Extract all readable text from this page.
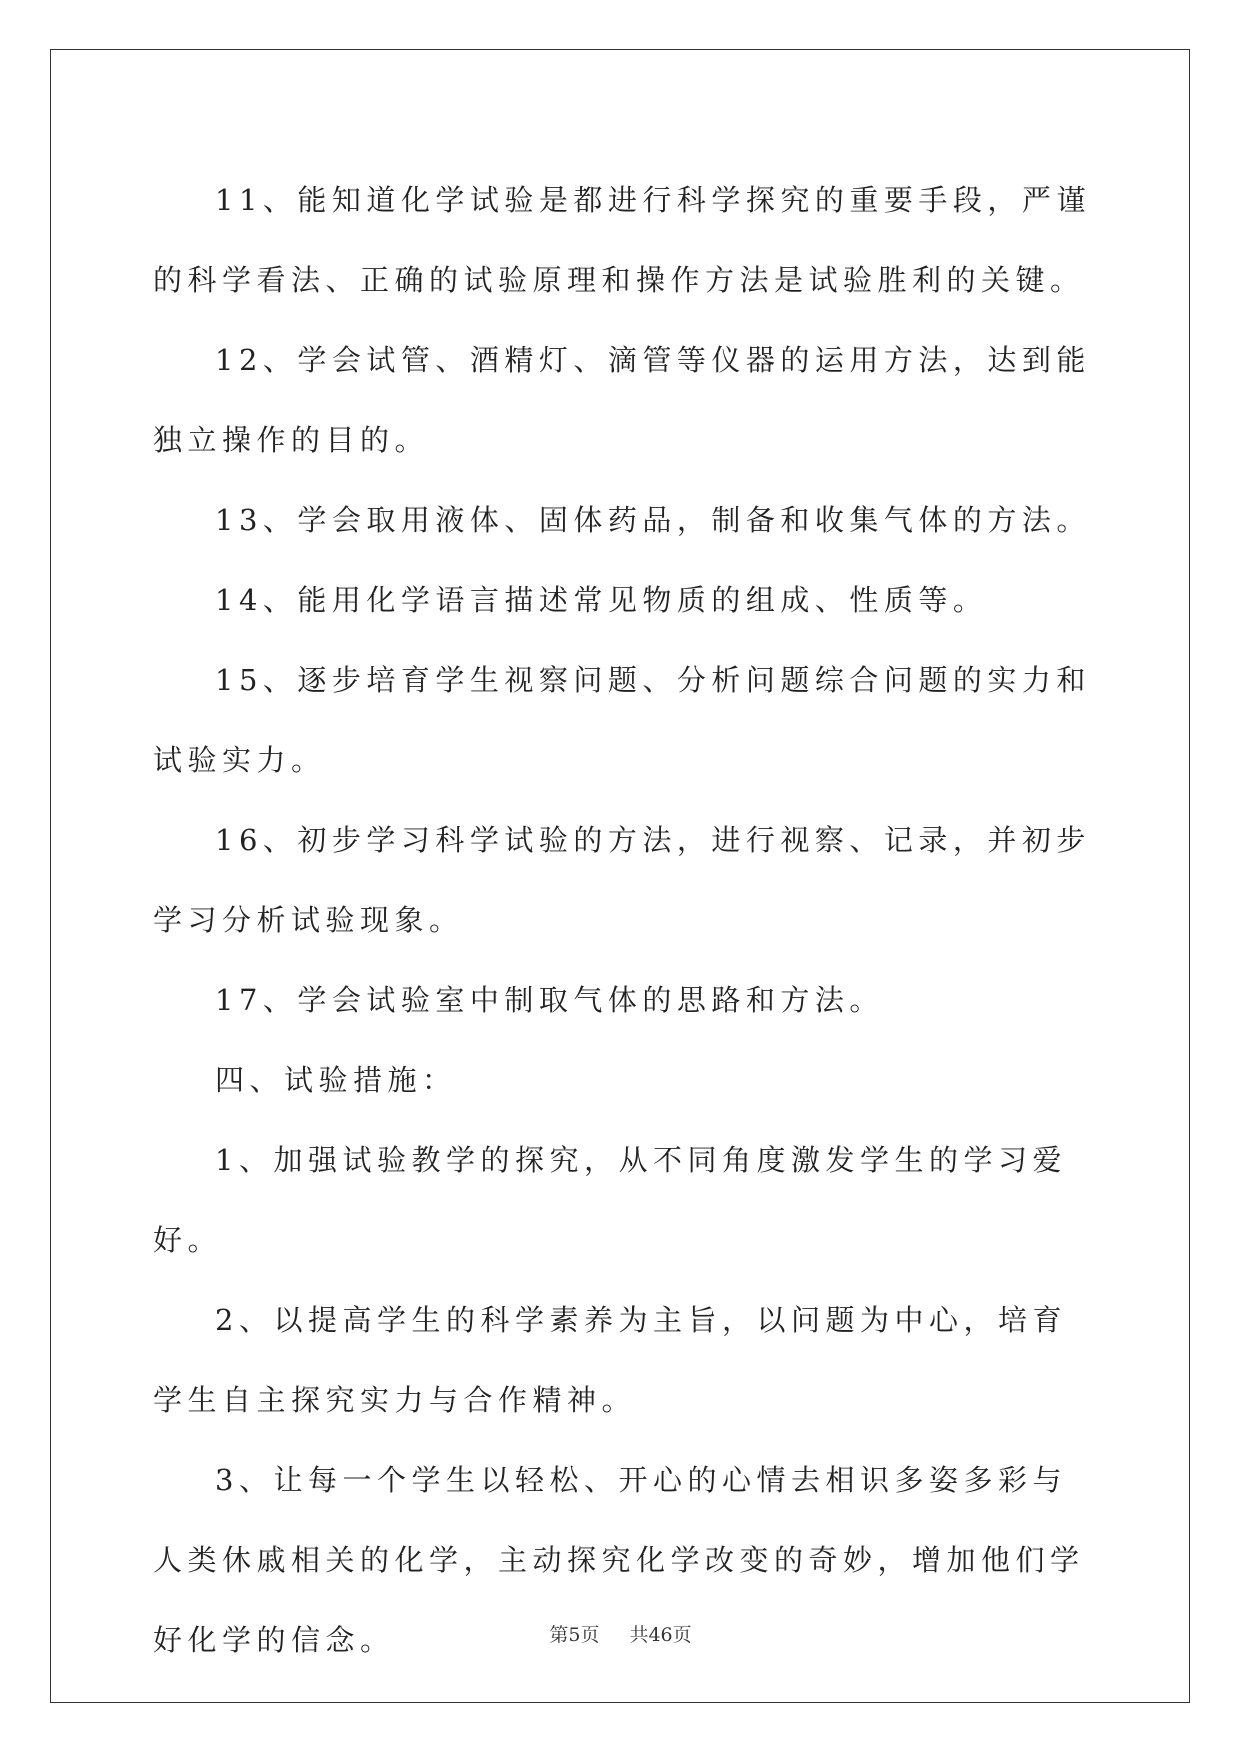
11、能知道化学试验是都进行科学探究的重要手段，严谨的科学看法、正确的试验原理和操作方法是试验胜利的关键。

12、学会试管、酒精灯、滴管等仪器的运用方法，达到能独立操作的目的。

13、学会取用液体、固体药品，制备和收集气体的方法。

14、能用化学语言描述常见物质的组成、性质等。

15、逐步培育学生视察问题、分析问题综合问题的实力和试验实力。

16、初步学习科学试验的方法，进行视察、记录，并初步学习分析试验现象。

17、学会试验室中制取气体的思路和方法。

四、试验措施：

1、加强试验教学的探究，从不同角度激发学生的学习爱好。

2、以提高学生的科学素养为主旨，以问题为中心，培育学生自主探究实力与合作精神。

3、让每一个学生以轻松、开心的心情去相识多姿多彩与人类休戚相关的化学，主动探究化学改变的奇妙，增加他们学好化学的信念。	第5页 共46页
